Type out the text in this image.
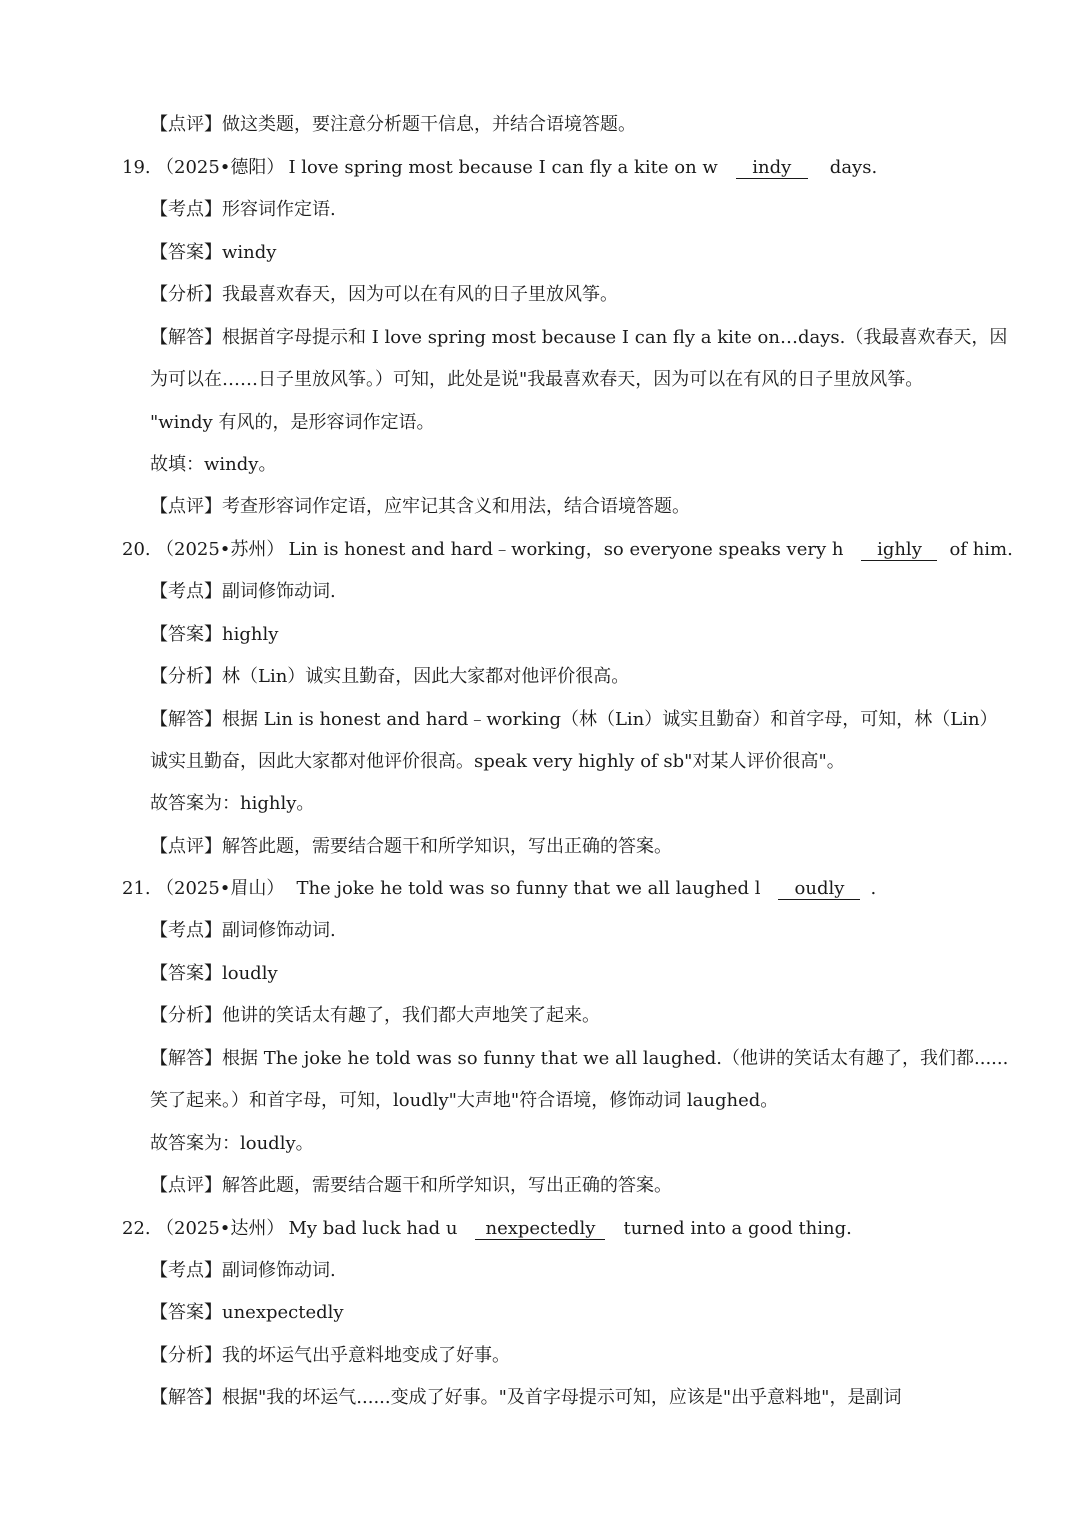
【点评】做这类题，要注意分析题干信息，并结合语境答题。
19. （2025•德阳） I love spring most because I can fly a kite on w indy days.
【考点】形容词作定语.
【答案】windy
【分析】我最喜欢春天，因为可以在有风的日子里放风筝。
【解答】根据首字母提示和 I love spring most because I can fly a kite on…days.（我最喜欢春天，因
为可以在……日子里放风筝。）可知，此处是说"我最喜欢春天，因为可以在有风的日子里放风筝。
"windy 有风的，是形容词作定语。
故填：windy。
【点评】考查形容词作定语，应牢记其含义和用法，结合语境答题。
20. （2025•苏州） Lin is honest and hard﹣working，so everyone speaks very h ighly of him.
【考点】副词修饰动词.
【答案】highly
【分析】林（Lin）诚实且勤奋，因此大家都对他评价很高。
【解答】根据 Lin is honest and hard﹣working（林（Lin）诚实且勤奋）和首字母，可知，林（Lin）
诚实且勤奋，因此大家都对他评价很高。speak very highly of sb"对某人评价很高"。
故答案为：highly。
【点评】解答此题，需要结合题干和所学知识，写出正确的答案。
21. （2025•眉山） The joke he told was so funny that we all laughed l oudly .
【考点】副词修饰动词.
【答案】loudly
【分析】他讲的笑话太有趣了，我们都大声地笑了起来。
【解答】根据 The joke he told was so funny that we all laughed.（他讲的笑话太有趣了，我们都......
笑了起来。）和首字母，可知，loudly"大声地"符合语境，修饰动词 laughed。
故答案为：loudly。
【点评】解答此题，需要结合题干和所学知识，写出正确的答案。
22. （2025•达州） My bad luck had u nexpectedly turned into a good thing.
【考点】副词修饰动词.
【答案】unexpectedly
【分析】我的坏运气出乎意料地变成了好事。
【解答】根据"我的坏运气......变成了好事。"及首字母提示可知，应该是"出乎意料地"，是副词
